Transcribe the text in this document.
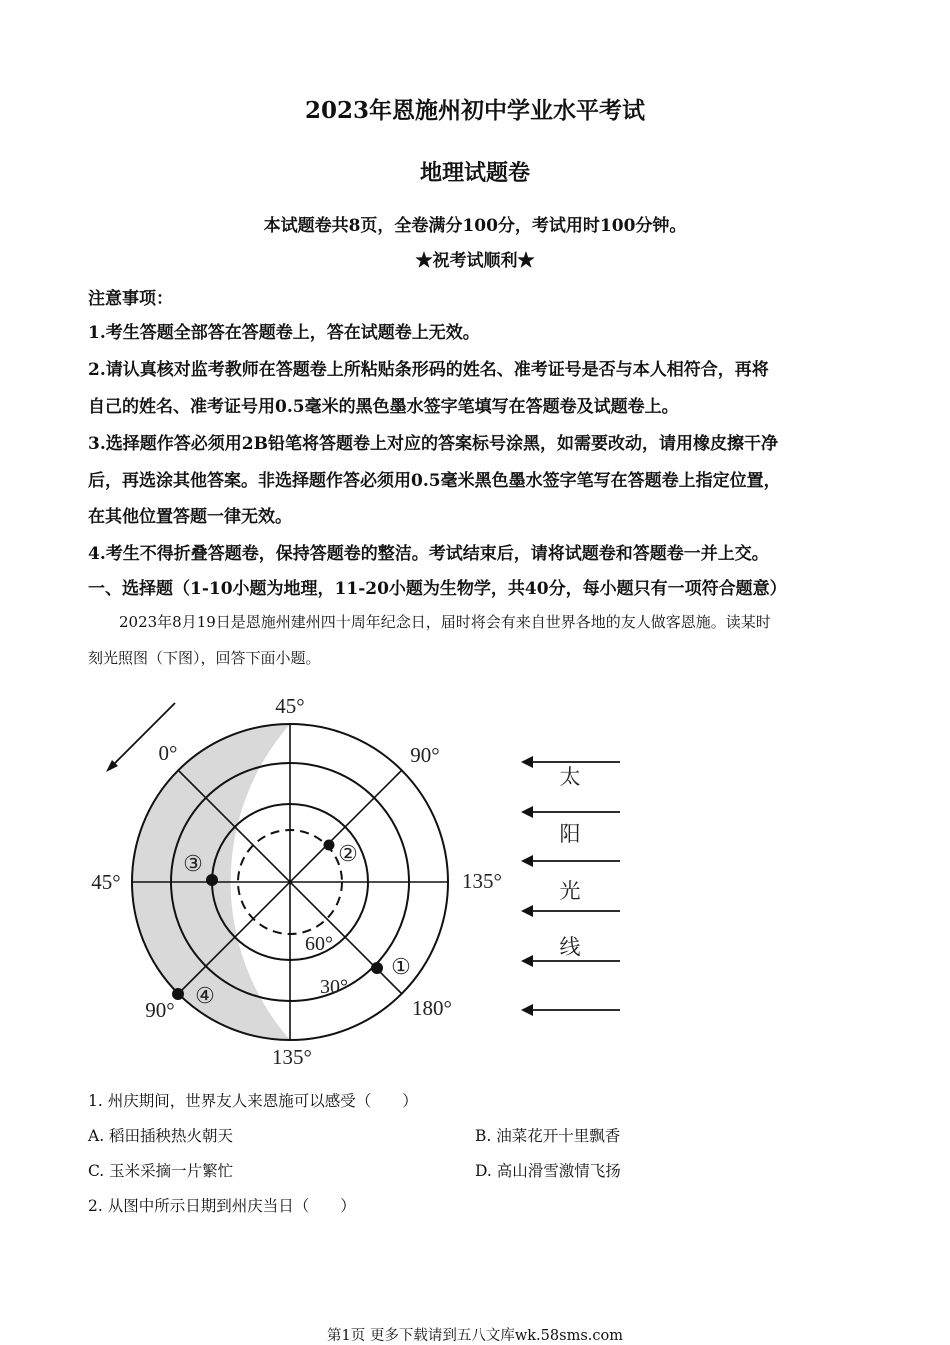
2023年恩施州初中学业水平考试
地理试题卷
本试题卷共8页，全卷满分100分，考试用时100分钟。
★祝考试顺利★
注意事项：
1.考生答题全部答在答题卷上，答在试题卷上无效。
2.请认真核对监考教师在答题卷上所粘贴条形码的姓名、准考证号是否与本人相符合，再将
自己的姓名、准考证号用0.5毫米的黑色墨水签字笔填写在答题卷及试题卷上。
3.选择题作答必须用2B铅笔将答题卷上对应的答案标号涂黑，如需要改动，请用橡皮擦干净
后，再选涂其他答案。非选择题作答必须用0.5毫米黑色墨水签字笔写在答题卷上指定位置，
在其他位置答题一律无效。
4.考生不得折叠答题卷，保持答题卷的整洁。考试结束后，请将试题卷和答题卷一并上交。
一、选择题（1-10小题为地理，11-20小题为生物学，共40分，每小题只有一项符合题意）
2023年8月19日是恩施州建州四十周年纪念日，届时将会有来自世界各地的友人做客恩施。读某时
刻光照图（下图），回答下面小题。
45°
0°	90°
45°	135°
90°	180°
135°
60°
30°
①
②
③
④
太
阳
光
线
1. 州庆期间，世界友人来恩施可以感受（　　）
A. 稻田插秧热火朝天	B. 油菜花开十里飘香
C. 玉米采摘一片繁忙	D. 高山滑雪激情飞扬
2. 从图中所示日期到州庆当日（　　）
第1页 更多下载请到五八文库wk.58sms.com
